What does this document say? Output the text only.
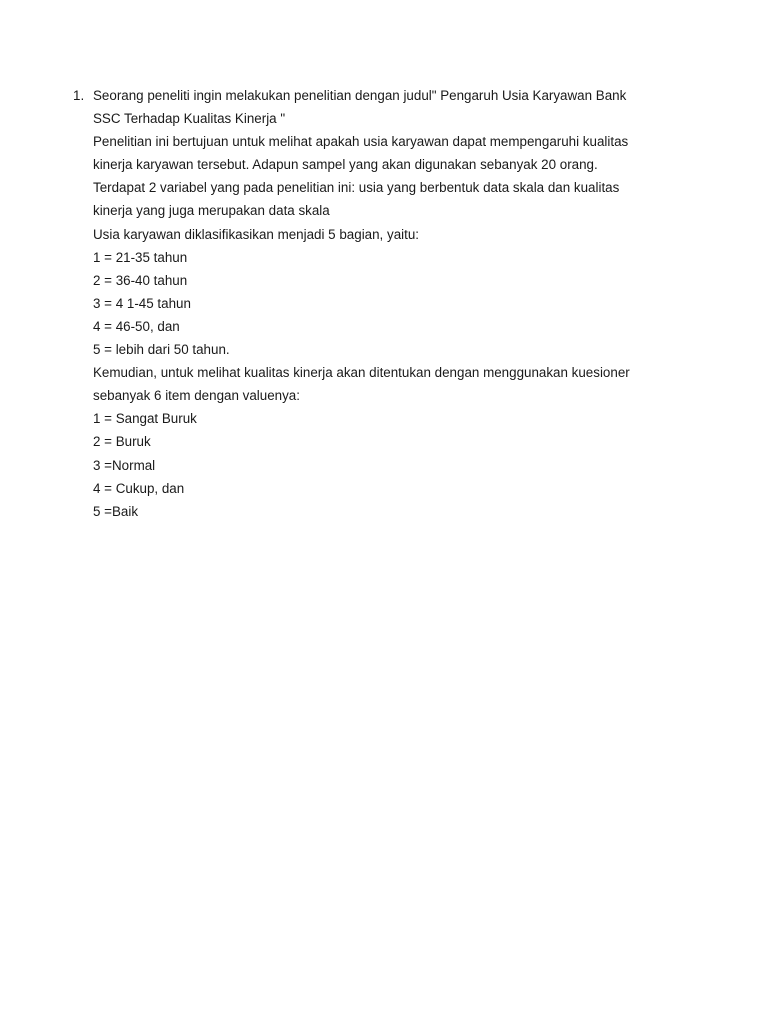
1. Seorang peneliti ingin melakukan penelitian dengan judul" Pengaruh Usia Karyawan Bank
SSC Terhadap Kualitas Kinerja "
Penelitian ini bertujuan untuk melihat apakah usia karyawan dapat mempengaruhi kualitas
kinerja karyawan tersebut. Adapun sampel yang akan digunakan sebanyak 20 orang.
Terdapat 2 variabel yang pada penelitian ini: usia yang berbentuk data skala dan kualitas
kinerja yang juga merupakan data skala
Usia karyawan diklasifikasikan menjadi 5 bagian, yaitu:
1 = 21-35 tahun
2 = 36-40 tahun
3 = 4 1-45 tahun
4 = 46-50, dan
5 = lebih dari 50 tahun.
Kemudian, untuk melihat kualitas kinerja akan ditentukan dengan menggunakan kuesioner
sebanyak 6 item dengan valuenya:
1 = Sangat Buruk
2 = Buruk
3 =Normal
4 = Cukup, dan
5 =Baik
